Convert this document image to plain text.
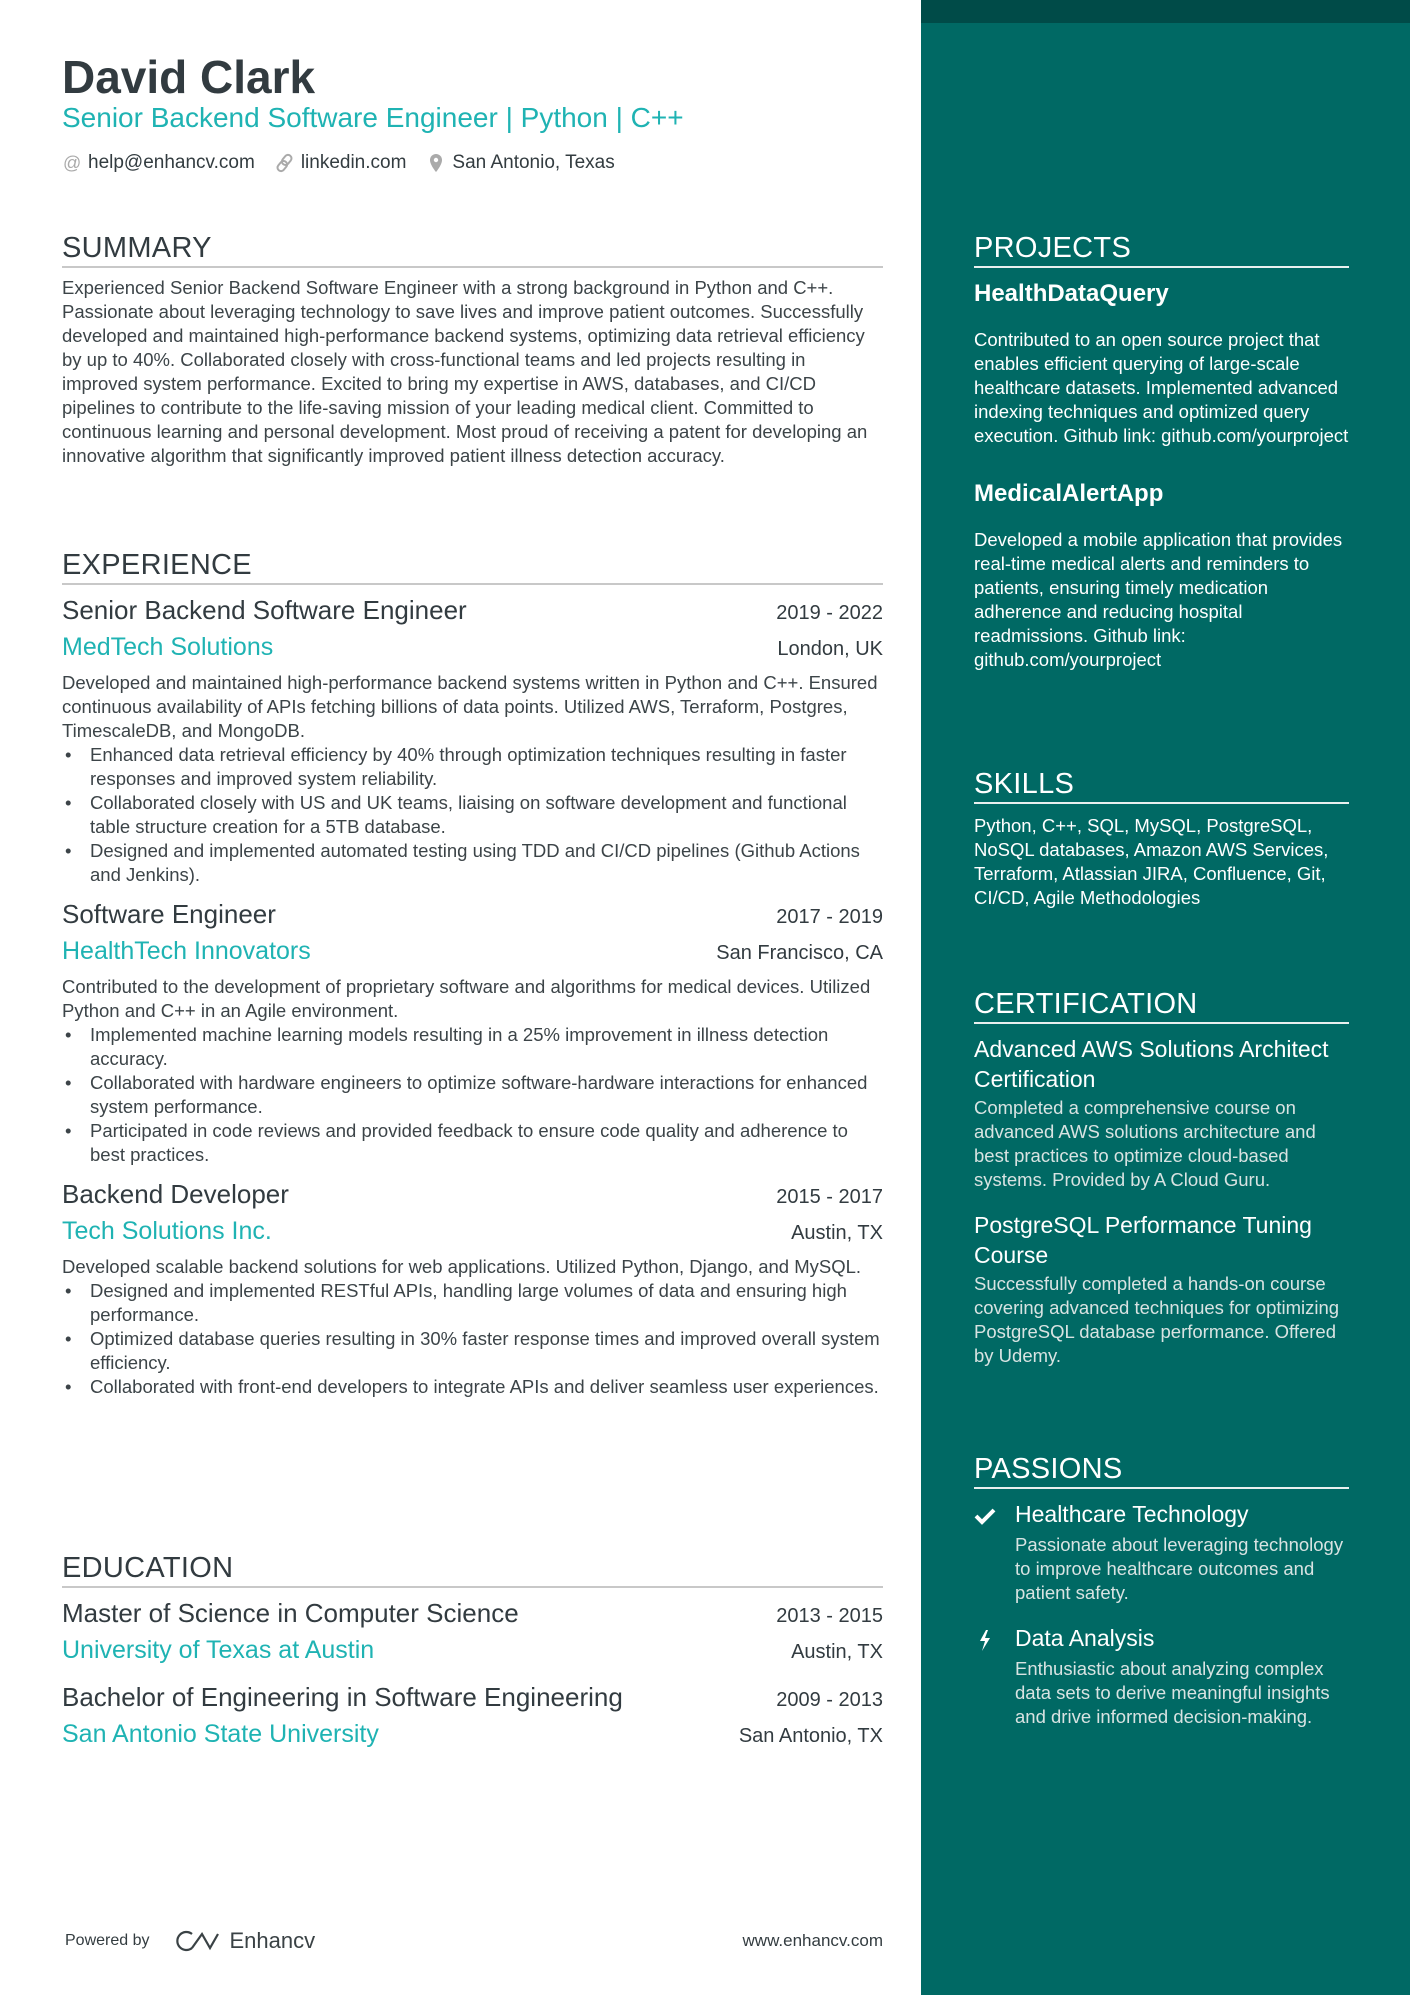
David Clark
Senior Backend Software Engineer | Python | C++
@ help@enhancv.com linkedin.com San Antonio, Texas
SUMMARY
Experienced Senior Backend Software Engineer with a strong background in Python and C++. Passionate about leveraging technology to save lives and improve patient outcomes. Successfully developed and maintained high-performance backend systems, optimizing data retrieval efficiency by up to 40%. Collaborated closely with cross-functional teams and led projects resulting in improved system performance. Excited to bring my expertise in AWS, databases, and CI/CD pipelines to contribute to the life-saving mission of your leading medical client. Committed to continuous learning and personal development. Most proud of receiving a patent for developing an innovative algorithm that significantly improved patient illness detection accuracy.
EXPERIENCE
Senior Backend Software Engineer	2019 - 2022
MedTech Solutions	London, UK
Developed and maintained high-performance backend systems written in Python and C++. Ensured continuous availability of APIs fetching billions of data points. Utilized AWS, Terraform, Postgres, TimescaleDB, and MongoDB.
• Enhanced data retrieval efficiency by 40% through optimization techniques resulting in faster responses and improved system reliability.
• Collaborated closely with US and UK teams, liaising on software development and functional table structure creation for a 5TB database.
• Designed and implemented automated testing using TDD and CI/CD pipelines (Github Actions and Jenkins).
Software Engineer	2017 - 2019
HealthTech Innovators	San Francisco, CA
Contributed to the development of proprietary software and algorithms for medical devices. Utilized Python and C++ in an Agile environment.
• Implemented machine learning models resulting in a 25% improvement in illness detection accuracy.
• Collaborated with hardware engineers to optimize software-hardware interactions for enhanced system performance.
• Participated in code reviews and provided feedback to ensure code quality and adherence to best practices.
Backend Developer	2015 - 2017
Tech Solutions Inc.	Austin, TX
Developed scalable backend solutions for web applications. Utilized Python, Django, and MySQL.
• Designed and implemented RESTful APIs, handling large volumes of data and ensuring high performance.
• Optimized database queries resulting in 30% faster response times and improved overall system efficiency.
• Collaborated with front-end developers to integrate APIs and deliver seamless user experiences.
EDUCATION
Master of Science in Computer Science	2013 - 2015
University of Texas at Austin	Austin, TX
Bachelor of Engineering in Software Engineering	2009 - 2013
San Antonio State University	San Antonio, TX
PROJECTS
HealthDataQuery
Contributed to an open source project that enables efficient querying of large-scale healthcare datasets. Implemented advanced indexing techniques and optimized query execution. Github link: github.com/yourproject
MedicalAlertApp
Developed a mobile application that provides real-time medical alerts and reminders to patients, ensuring timely medication adherence and reducing hospital readmissions. Github link: github.com/yourproject
SKILLS
Python, C++, SQL, MySQL, PostgreSQL, NoSQL databases, Amazon AWS Services, Terraform, Atlassian JIRA, Confluence, Git, CI/CD, Agile Methodologies
CERTIFICATION
Advanced AWS Solutions Architect Certification
Completed a comprehensive course on advanced AWS solutions architecture and best practices to optimize cloud-based systems. Provided by A Cloud Guru.
PostgreSQL Performance Tuning Course
Successfully completed a hands-on course covering advanced techniques for optimizing PostgreSQL database performance. Offered by Udemy.
PASSIONS
Healthcare Technology
Passionate about leveraging technology to improve healthcare outcomes and patient safety.
Data Analysis
Enthusiastic about analyzing complex data sets to derive meaningful insights and drive informed decision-making.
Powered by	Enhancv	www.enhancv.com
